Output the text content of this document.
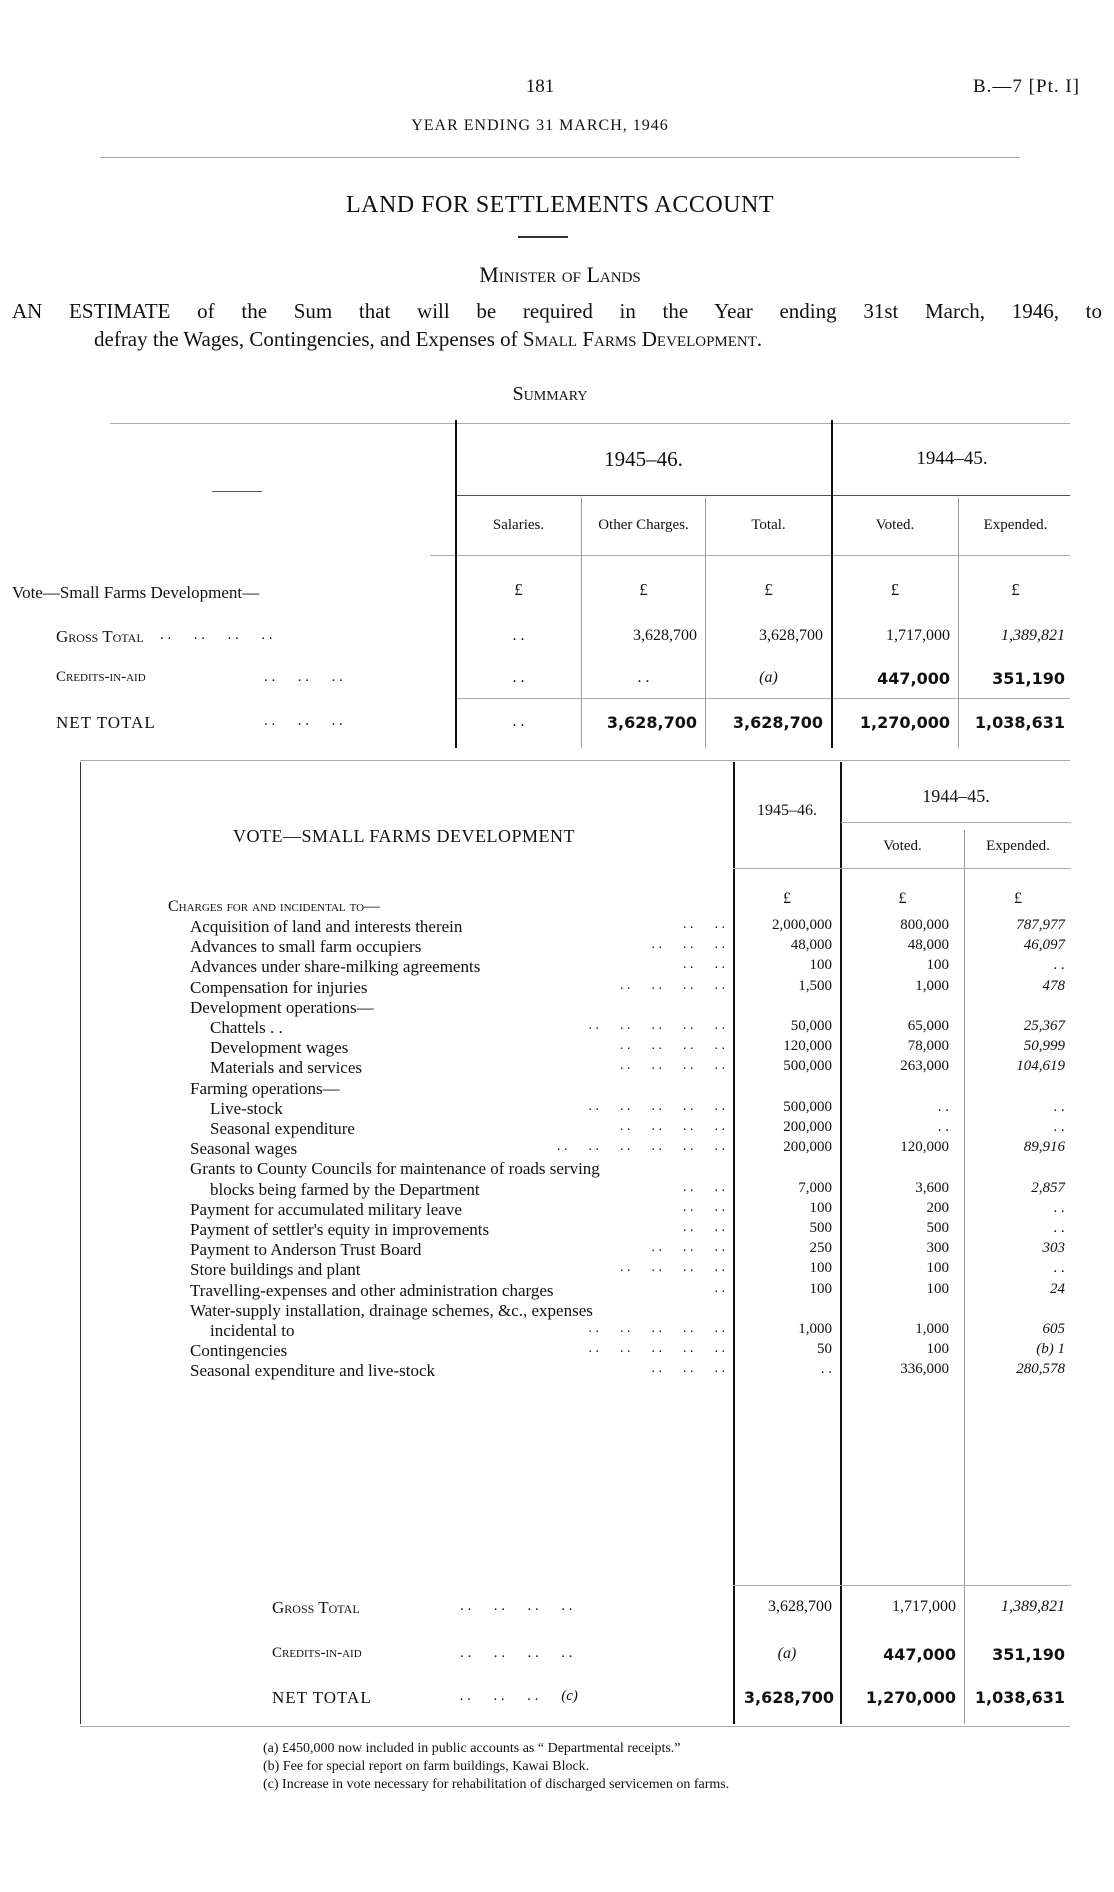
181	B.—7 [Pt. I]
YEAR ENDING 31 MARCH, 1946
LAND FOR SETTLEMENTS ACCOUNT
Minister of Lands
AN ESTIMATE of the Sum that will be required in the Year ending 31st March, 1946, to
defray the Wages, Contingencies, and Expenses of Small Farms Development.
Summary
1945–46.	1944–45.
Salaries.	Other Charges.	Total.	Voted.	Expended.
Vote—Small Farms Development—	£	£	£	£	£
Gross Total . .      . .      . .      . .	. .	3,628,700	3,628,700	1,717,000	1,389,821
Credits-in-aid	. .      . .      . .	. .	. .	(a)	447,000	351,190
NET TOTAL	. .      . .      . .	. .	3,628,700	3,628,700	1,270,000	1,038,631
VOTE—SMALL FARMS DEVELOPMENT
1945–46.
1944–45.
Voted.	Expended.
£	£	£
Charges for and incidental to—
Acquisition of land and interests therein	. .      . .	2,000,000	800,000	787,977
Advances to small farm occupiers	. .      . .      . .	48,000	48,000	46,097
Advances under share-milking agreements	. .      . .	100	100	. .
Compensation for injuries	. .      . .      . .      . .	1,500	1,000	478
Development operations—
Chattels . .	. .      . .      . .      . .      . .	50,000	65,000	25,367
Development wages	. .      . .      . .      . .	120,000	78,000	50,999
Materials and services	. .      . .      . .      . .	500,000	263,000	104,619
Farming operations—
Live-stock	. .      . .      . .      . .      . .	500,000	. .	. .
Seasonal expenditure	. .      . .      . .      . .	200,000	. .	. .
Seasonal wages	. .      . .      . .      . .      . .      . .	200,000	120,000	89,916
Grants to County Councils for maintenance of roads serving
blocks being farmed by the Department	. .      . .	7,000	3,600	2,857
Payment for accumulated military leave	. .      . .	100	200	. .
Payment of settler's equity in improvements	. .      . .	500	500	. .
Payment to Anderson Trust Board	. .      . .      . .	250	300	303
Store buildings and plant	. .      . .      . .      . .	100	100	. .
Travelling-expenses and other administration charges	. .	100	100	24
Water-supply installation, drainage schemes, &c., expenses
incidental to	. .      . .      . .      . .      . .	1,000	1,000	605
Contingencies	. .      . .      . .      . .      . .	50	100	(b) 1
Seasonal expenditure and live-stock	. .      . .      . .	. .	336,000	280,578
Gross Total	. .      . .      . .      . .	3,628,700	1,717,000	1,389,821
Credits-in-aid	. .      . .      . .      . .	(a)	447,000	351,190
NET TOTAL	. .      . .      . .      (c)	3,628,700	1,270,000	1,038,631
(a) £450,000 now included in public accounts as “ Departmental receipts.”
(b) Fee for special report on farm buildings, Kawai Block.
(c) Increase in vote necessary for rehabilitation of discharged servicemen on farms.
